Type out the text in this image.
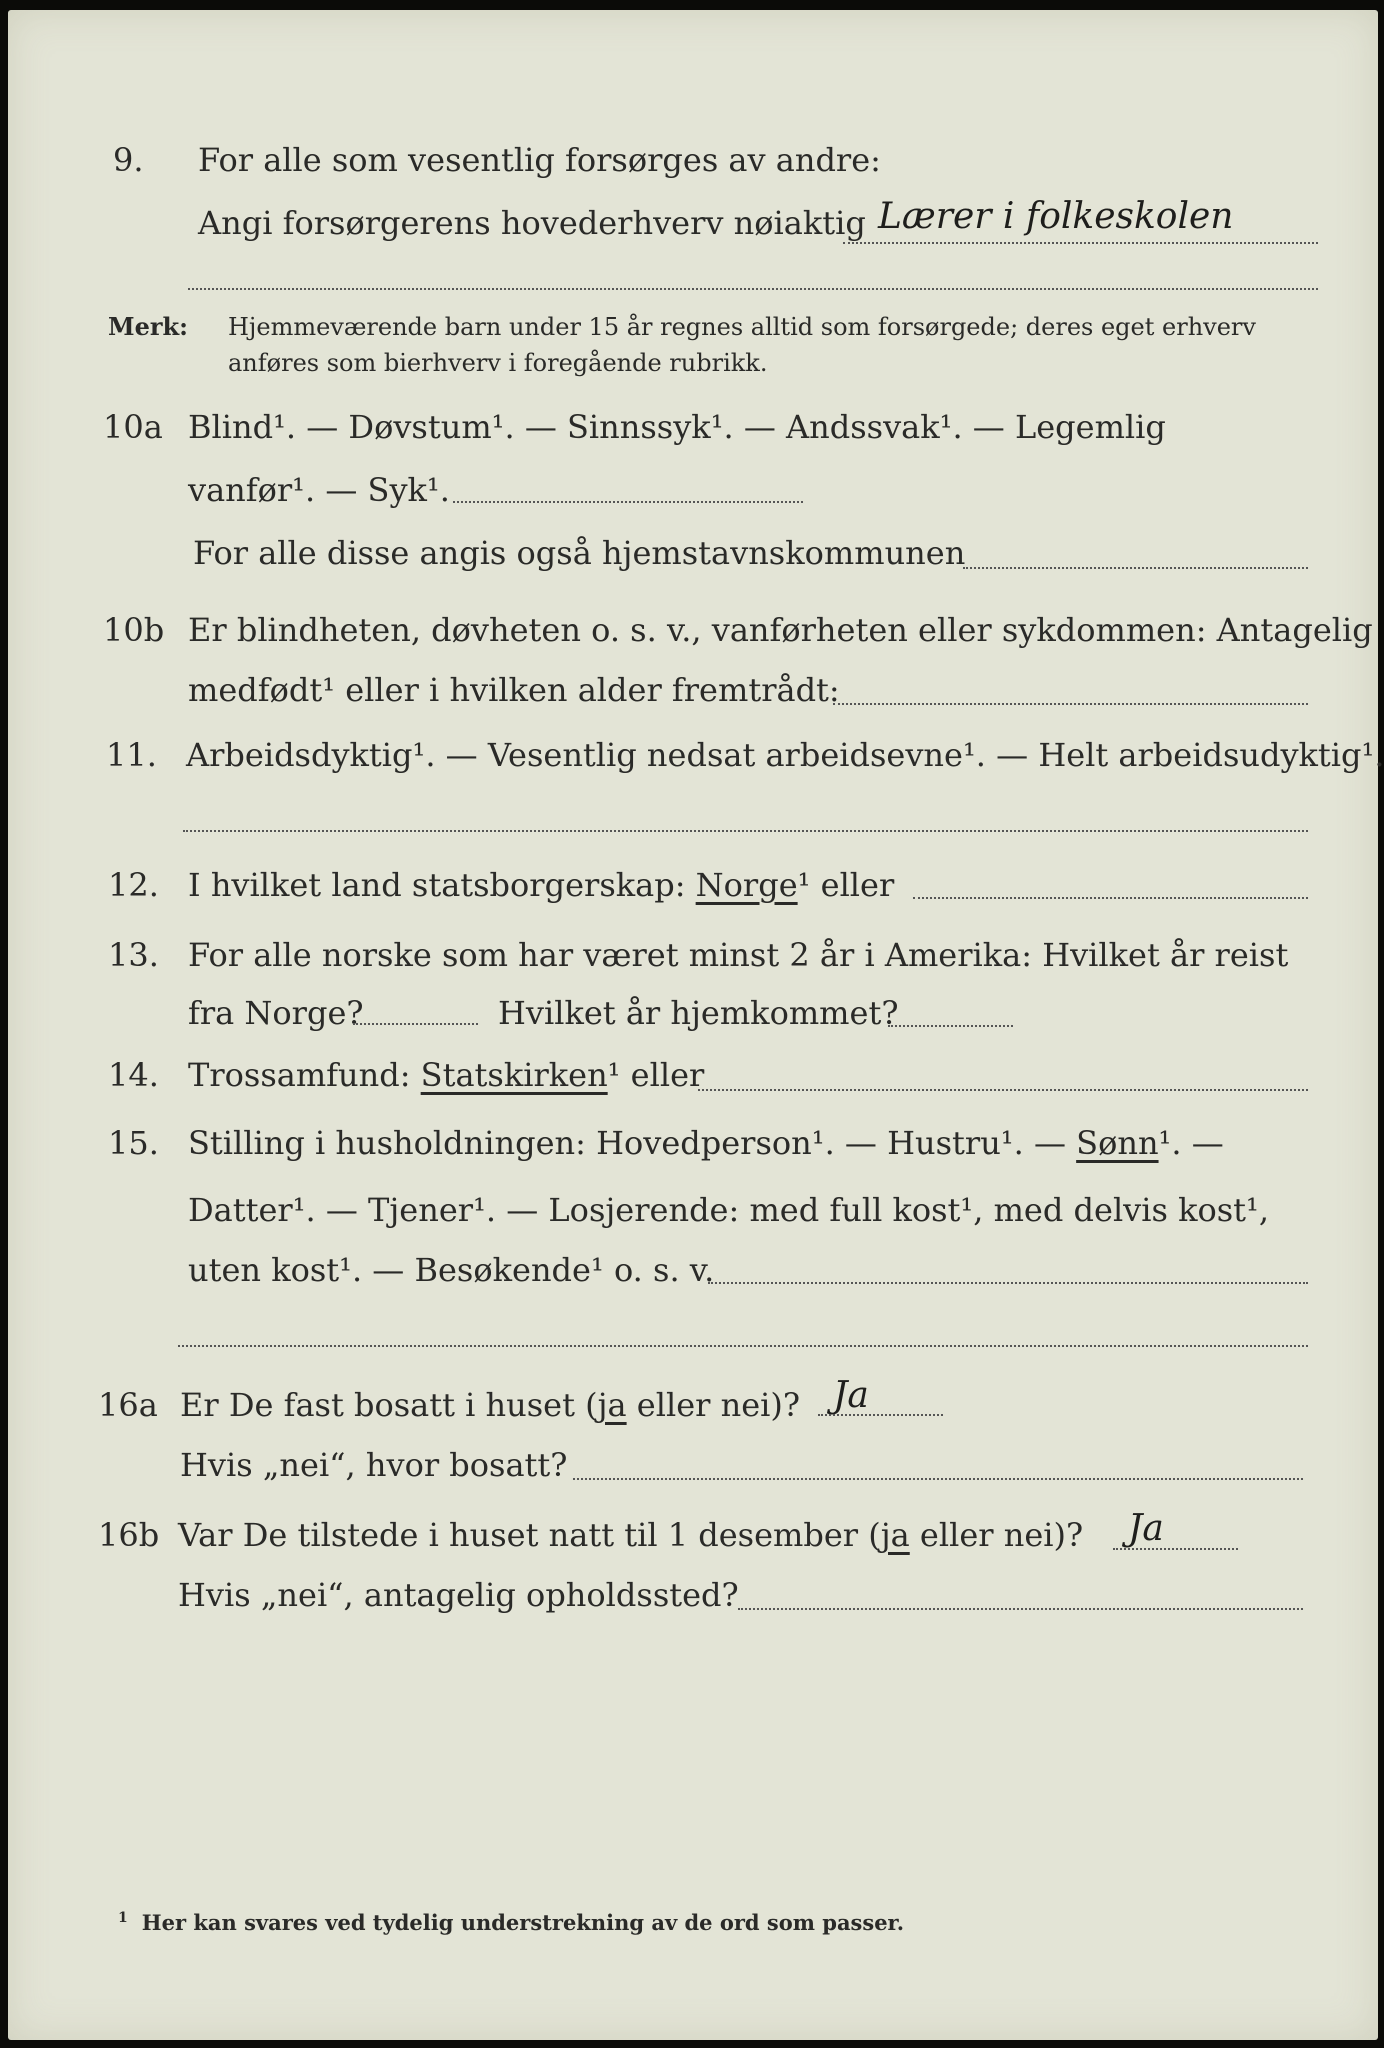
9. For alle som vesentlig forsørges av andre:
Angi forsørgerens hovederhverv nøiaktig Lærer i folkeskolen
Merk: Hjemmeværende barn under 15 år regnes alltid som forsørgede; deres eget erhverv
anføres som bierhverv i foregående rubrikk.
10a Blind¹. — Døvstum¹. — Sinnssyk¹. — Andssvak¹. — Legemlig
vanfør¹. — Syk¹.
For alle disse angis også hjemstavnskommunen
10b Er blindheten, døvheten o. s. v., vanførheten eller sykdommen: Antagelig
medfødt¹ eller i hvilken alder fremtrådt:
11. Arbeidsdyktig¹. — Vesentlig nedsat arbeidsevne¹. — Helt arbeidsudyktig¹.
12. I hvilket land statsborgerskap: Norge¹ eller
13. For alle norske som har været minst 2 år i Amerika: Hvilket år reist
fra Norge?	Hvilket år hjemkommet?
14. Trossamfund: Statskirken¹ eller
15. Stilling i husholdningen: Hovedperson¹. — Hustru¹. — Sønn¹. —
Datter¹. — Tjener¹. — Losjerende: med full kost¹, med delvis kost¹,
uten kost¹. — Besøkende¹ o. s. v.
16a Er De fast bosatt i huset (ja eller nei)? Ja
Hvis „nei“, hvor bosatt?
16b Var De tilstede i huset natt til 1 desember (ja eller nei)? Ja
Hvis „nei“, antagelig opholdssted?
$^1$ Her kan svares ved tydelig understrekning av de ord som passer.
